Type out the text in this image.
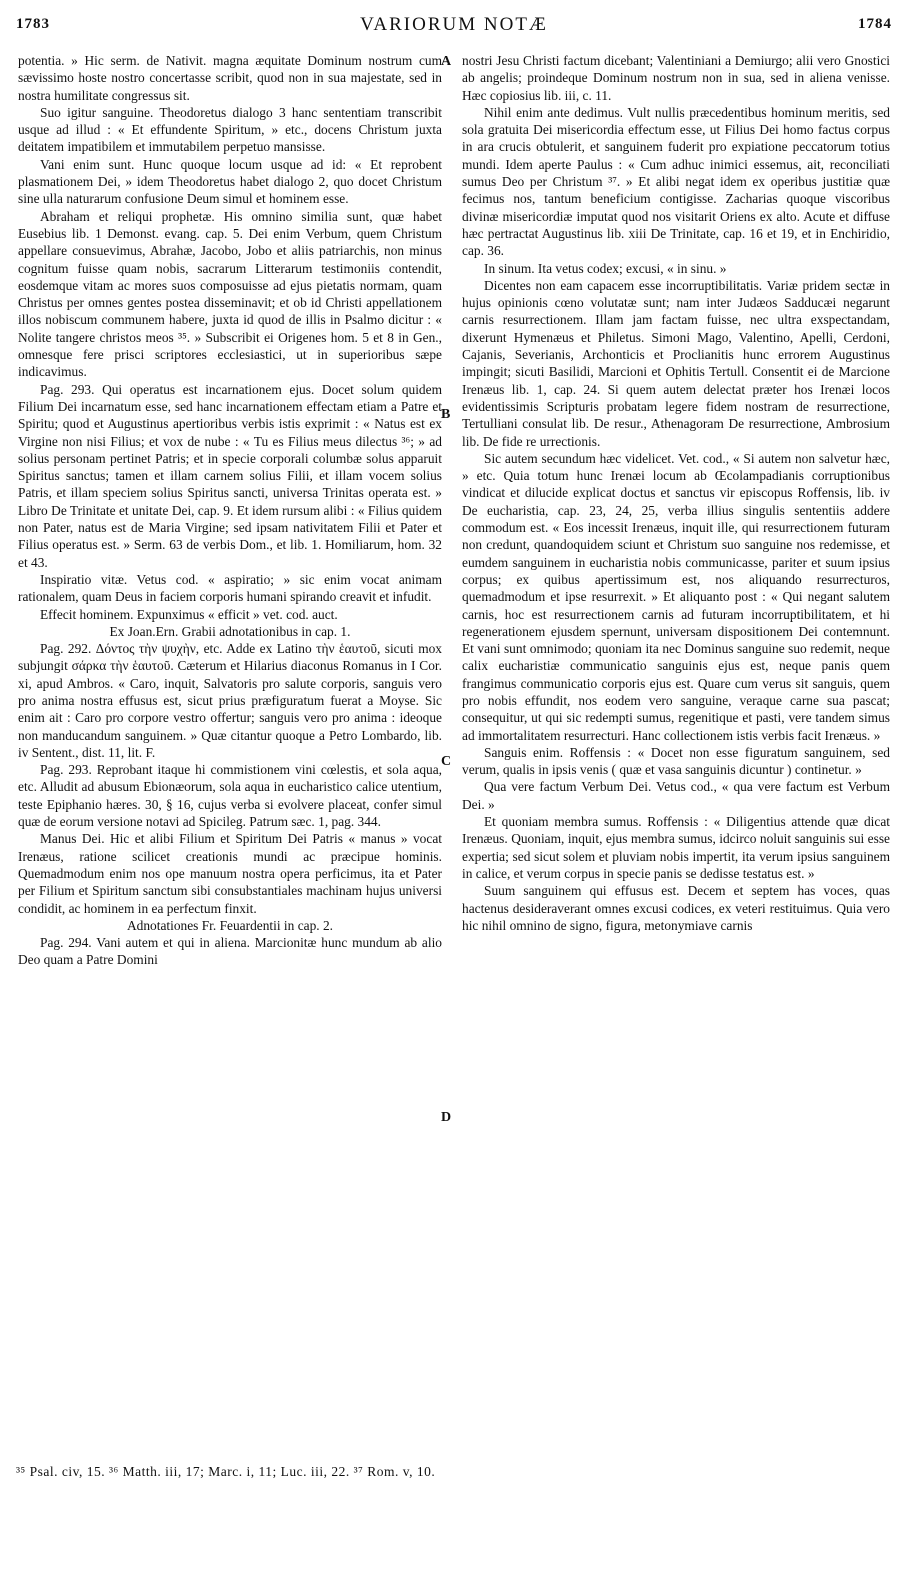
1783	VARIORUM NOTÆ	1784

potentia. » Hic serm. de Nativit. magna æquitate Dominum nostrum cum sævissimo hoste nostro concertasse scribit, quod non in sua majestate, sed in nostra humilitate congressus sit.

Suo igitur sanguine. Theodoretus dialogo 3 hanc sententiam transcribit usque ad illud : « Et effundente Spiritum, » etc., docens Christum juxta deitatem impatibilem et immutabilem perpetuo mansisse.

Vani enim sunt. Hunc quoque locum usque ad id: « Et reprobent plasmationem Dei, » idem Theodoretus habet dialogo 2, quo docet Christum sine ulla naturarum confusione Deum simul et hominem esse.

Abraham et reliqui prophetæ. His omnino similia sunt, quæ habet Eusebius lib. 1 Demonst. evang. cap. 5. Dei enim Verbum, quem Christum appellare consuevimus, Abrahæ, Jacobo, Jobo et aliis patriarchis, non minus cognitum fuisse quam nobis, sacrarum Litterarum testimoniis contendit, eosdemque vitam ac mores suos composuisse ad ejus pietatis normam, quam Christus per omnes gentes postea disseminavit; et ob id Christi appellationem illos nobiscum communem habere, juxta id quod de illis in Psalmo dicitur : « Nolite tangere christos meos ³⁵. » Subscribit ei Origenes hom. 5 et 8 in Gen., omnesque fere prisci scriptores ecclesiastici, ut in superioribus sæpe indicavimus.

Pag. 293. Qui operatus est incarnationem ejus. Docet solum quidem Filium Dei incarnatum esse, sed hanc incarnationem effectam etiam a Patre et Spiritu; quod et Augustinus apertioribus verbis istis exprimit : « Natus est ex Virgine non nisi Filius; et vox de nube : « Tu es Filius meus dilectus ³⁶; » ad solius personam pertinet Patris; et in specie corporali columbæ solus apparuit Spiritus sanctus; tamen et illam carnem solius Filii, et illam vocem solius Patris, et illam speciem solius Spiritus sancti, universa Trinitas operata est. » Libro De Trinitate et unitate Dei, cap. 9. Et idem rursum alibi : « Filius quidem non Pater, natus est de Maria Virgine; sed ipsam nativitatem Filii et Pater et Filius operatus est. » Serm. 63 de verbis Dom., et lib. 1. Homiliarum, hom. 32 et 43.

Inspiratio vitæ. Vetus cod. « aspiratio; » sic enim vocat animam rationalem, quam Deus in faciem corporis humani spirando creavit et infudit.

Effecit hominem. Expunximus « efficit » vet. cod. auct.

Ex Joan.Ern. Grabii adnotationibus in cap. 1.

Pag. 292. Δόντος τὴν ψυχὴν, etc. Adde ex Latino τὴν ἑαυτοῦ, sicuti mox subjungit σάρκα τὴν ἑαυτοῦ. Cæterum et Hilarius diaconus Romanus in I Cor. xi, apud Ambros. « Caro, inquit, Salvatoris pro salute corporis, sanguis vero pro anima nostra effusus est, sicut prius præfiguratum fuerat a Moyse. Sic enim ait : Caro pro corpore vestro offertur; sanguis vero pro anima : ideoque non manducandum sanguinem. » Quæ citantur quoque a Petro Lombardo, lib. iv Sentent., dist. 11, lit. F.

Pag. 293. Reprobant itaque hi commistionem vini cœlestis, et sola aqua, etc. Alludit ad abusum Ebionæorum, sola aqua in eucharistico calice utentium, teste Epiphanio hæres. 30, § 16, cujus verba si evolvere placeat, confer simul quæ de eorum versione notavi ad Spicileg. Patrum sæc. 1, pag. 344.

Manus Dei. Hic et alibi Filium et Spiritum Dei Patris « manus » vocat Irenæus, ratione scilicet creationis mundi ac præcipue hominis. Quemadmodum enim nos ope manuum nostra opera perficimus, ita et Pater per Filium et Spiritum sanctum sibi consubstantiales machinam hujus universi condidit, ac hominem in ea perfectum finxit.

Adnotationes Fr. Feuardentii in cap. 2.

Pag. 294. Vani autem et qui in aliena. Marcionitæ hunc mundum ab alio Deo quam a Patre Domini

nostri Jesu Christi factum dicebant; Valentiniani a Demiurgo; alii vero Gnostici ab angelis; proindeque Dominum nostrum non in sua, sed in aliena venisse. Hæc copiosius lib. iii, c. 11.

Nihil enim ante dedimus. Vult nullis præcedentibus hominum meritis, sed sola gratuita Dei misericordia effectum esse, ut Filius Dei homo factus corpus in ara crucis obtulerit, et sanguinem fuderit pro expiatione peccatorum totius mundi. Idem aperte Paulus : « Cum adhuc inimici essemus, ait, reconciliati sumus Deo per Christum ³⁷. » Et alibi negat idem ex operibus justitiæ quæ fecimus nos, tantum beneficium contigisse. Zacharias quoque viscoribus divinæ misericordiæ imputat quod nos visitarit Oriens ex alto. Acute et diffuse hæc pertractat Augustinus lib. xiii De Trinitate, cap. 16 et 19, et in Enchiridio, cap. 36.

In sinum. Ita vetus codex; excusi, « in sinu. »

Dicentes non eam capacem esse incorruptibilitatis. Variæ pridem sectæ in hujus opinionis cœno volutatæ sunt; nam inter Judæos Sadducæi negarunt carnis resurrectionem. Illam jam factam fuisse, nec ultra exspectandam, dixerunt Hymenæus et Philetus. Simoni Mago, Valentino, Apelli, Cerdoni, Cajanis, Severianis, Archonticis et Proclianitis hunc errorem Augustinus impingit; sicuti Basilidi, Marcioni et Ophitis Tertull. Consentit ei de Marcione Irenæus lib. 1, cap. 24. Si quem autem delectat præter hos Irenæi locos evidentissimis Scripturis probatam legere fidem nostram de resurrectione, Tertulliani consulat lib. De resur., Athenagoram De resurrectione, Ambrosium lib. De fide re urrectionis.

Sic autem secundum hæc videlicet. Vet. cod., « Si autem non salvetur hæc, » etc. Quia totum hunc Irenæi locum ab Œcolampadianis corruptionibus vindicat et dilucide explicat doctus et sanctus vir episcopus Roffensis, lib. iv De eucharistia, cap. 23, 24, 25, verba illius singulis sententiis addere commodum est. « Eos incessit Irenæus, inquit ille, qui resurrectionem futuram non credunt, quandoquidem sciunt et Christum suo sanguine nos redemisse, et eumdem sanguinem in eucharistia nobis communicasse, pariter et suum ipsius corpus; ex quibus apertissimum est, nos aliquando resurrecturos, quemadmodum et ipse resurrexit. » Et aliquanto post : « Qui negant salutem carnis, hoc est resurrectionem carnis ad futuram incorruptibilitatem, et hi regenerationem ejusdem spernunt, universam dispositionem Dei contemnunt. Et vani sunt omnimodo; quoniam ita nec Dominus sanguine suo redemit, neque calix eucharistiæ communicatio sanguinis ejus est, neque panis quem frangimus communicatio corporis ejus est. Quare cum verus sit sanguis, quem pro nobis effundit, nos eodem vero sanguine, veraque carne sua pascat; consequitur, ut qui sic redempti sumus, regenitique et pasti, vere tandem simus ad immortalitatem resurrecturi. Hanc collectionem istis verbis facit Irenæus. »

Sanguis enim. Roffensis : « Docet non esse figuratum sanguinem, sed verum, qualis in ipsis venis ( quæ et vasa sanguinis dicuntur ) continetur. »

Qua vere factum Verbum Dei. Vetus cod., « qua vere factum est Verbum Dei. »

Et quoniam membra sumus. Roffensis : « Diligentius attende quæ dicat Irenæus. Quoniam, inquit, ejus membra sumus, idcirco noluit sanguinis sui esse expertia; sed sicut solem et pluviam nobis impertit, ita verum ipsius sanguinem in calice, et verum corpus in specie panis se dedisse testatus est. »

Suum sanguinem qui effusus est. Decem et septem has voces, quas hactenus desideraverant omnes excusi codices, ex veteri restituimus. Quia vero hic nihil omnino de signo, figura, metonymiave carnis

A
B
C
D
³⁵ Psal. civ, 15. ³⁶ Matth. iii, 17; Marc. i, 11; Luc. iii, 22. ³⁷ Rom. v, 10.
